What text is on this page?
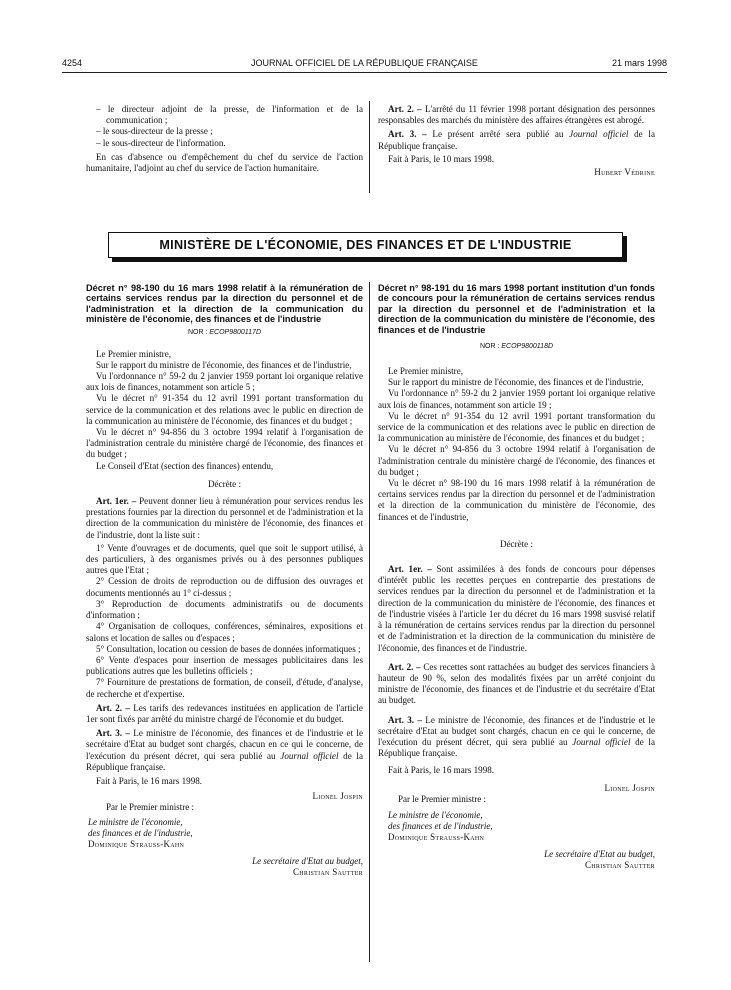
4254	JOURNAL OFFICIEL DE LA RÉPUBLIQUE FRANÇAISE	21 mars 1998

– le directeur adjoint de la presse, de l'information et de la communication ;

– le sous-directeur de la presse ;

– le sous-directeur de l'information.

En cas d'absence ou d'empêchement du chef du service de l'action humanitaire, l'adjoint au chef du service de l'action humanitaire.

Art. 2. – L'arrêté du 11 février 1998 portant désignation des personnes responsables des marchés du ministère des affaires étrangères est abrogé.

Art. 3. – Le présent arrêté sera publié au Journal officiel de la République française.

Fait à Paris, le 10 mars 1998.

Hubert Védrine

MINISTÈRE DE L'ÉCONOMIE, DES FINANCES ET DE L'INDUSTRIE

Décret n° 98-190 du 16 mars 1998 relatif à la rémunération de certains services rendus par la direction du personnel et de l'administration et la direction de la communication du ministère de l'économie, des finances et de l'industrie

NOR : ECOP9800117D

Le Premier ministre,

Sur le rapport du ministre de l'économie, des finances et de l'industrie,

Vu l'ordonnance n° 59-2 du 2 janvier 1959 portant loi organique relative aux lois de finances, notamment son article 5 ;

Vu le décret n° 91-354 du 12 avril 1991 portant transformation du service de la communication et des relations avec le public en direction de la communication au ministère de l'économie, des finances et du budget ;

Vu le décret n° 94-856 du 3 octobre 1994 relatif à l'organisation de l'administration centrale du ministère chargé de l'économie, des finances et du budget ;

Le Conseil d'Etat (section des finances) entendu,

Décrète :

Art. 1er. – Peuvent donner lieu à rémunération pour services rendus les prestations fournies par la direction du personnel et de l'administration et la direction de la communication du ministère de l'économie, des finances et de l'industrie, dont la liste suit :

1° Vente d'ouvrages et de documents, quel que soit le support utilisé, à des particuliers, à des organismes privés ou à des personnes publiques autres que l'Etat ;

2° Cession de droits de reproduction ou de diffusion des ouvrages et documents mentionnés au 1° ci-dessus ;

3° Reproduction de documents administratifs ou de documents d'information ;

4° Organisation de colloques, conférences, séminaires, expositions et salons et location de salles ou d'espaces ;

5° Consultation, location ou cession de bases de données informatiques ;

6° Vente d'espaces pour insertion de messages publicitaires dans les publications autres que les bulletins officiels ;

7° Fourniture de prestations de formation, de conseil, d'étude, d'analyse, de recherche et d'expertise.

Art. 2. – Les tarifs des redevances instituées en application de l'article 1er sont fixés par arrêté du ministre chargé de l'économie et du budget.

Art. 3. – Le ministre de l'économie, des finances et de l'industrie et le secrétaire d'Etat au budget sont chargés, chacun en ce qui le concerne, de l'exécution du présent décret, qui sera publié au Journal officiel de la République française.

Fait à Paris, le 16 mars 1998.

Lionel Jospin

Par le Premier ministre :

Le ministre de l'économie,

des finances et de l'industrie,

Dominique Strauss-Kahn

Le secrétaire d'Etat au budget,

Christian Sautter

Décret n° 98-191 du 16 mars 1998 portant institution d'un fonds de concours pour la rémunération de certains services rendus par la direction du personnel et de l'administration et la direction de la communication du ministère de l'économie, des finances et de l'industrie

NOR : ECOP9800118D

Le Premier ministre,

Sur le rapport du ministre de l'économie, des finances et de l'industrie,

Vu l'ordonnance n° 59-2 du 2 janvier 1959 portant loi organique relative aux lois de finances, notamment son article 19 ;

Vu le décret n° 91-354 du 12 avril 1991 portant transformation du service de la communication et des relations avec le public en direction de la communication au ministère de l'économie, des finances et du budget ;

Vu le décret n° 94-856 du 3 octobre 1994 relatif à l'organisation de l'administration centrale du ministère chargé de l'économie, des finances et du budget ;

Vu le décret n° 98-190 du 16 mars 1998 relatif à la rémunération de certains services rendus par la direction du personnel et de l'administration et la direction de la communication du ministère de l'économie, des finances et de l'industrie,

Décrète :

Art. 1er. – Sont assimilées à des fonds de concours pour dépenses d'intérêt public les recettes perçues en contrepartie des prestations de services rendues par la direction du personnel et de l'administration et la direction de la communication du ministère de l'économie, des finances et de l'industrie visées à l'article 1er du décret du 16 mars 1998 susvisé relatif à la rémunération de certains services rendus par la direction du personnel et de l'administration et la direction de la communication du ministère de l'économie, des finances et de l'industrie.

Art. 2. – Ces recettes sont rattachées au budget des services financiers à hauteur de 90 %, selon des modalités fixées par un arrêté conjoint du ministre de l'économie, des finances et de l'industrie et du secrétaire d'Etat au budget.

Art. 3. – Le ministre de l'économie, des finances et de l'industrie et le secrétaire d'Etat au budget sont chargés, chacun en ce qui le concerne, de l'exécution du présent décret, qui sera publié au Journal officiel de la République française.

Fait à Paris, le 16 mars 1998.

Lionel Jospin

Par le Premier ministre :

Le ministre de l'économie,

des finances et de l'industrie,

Dominique Strauss-Kahn

Le secrétaire d'Etat au budget,

Christian Sautter
